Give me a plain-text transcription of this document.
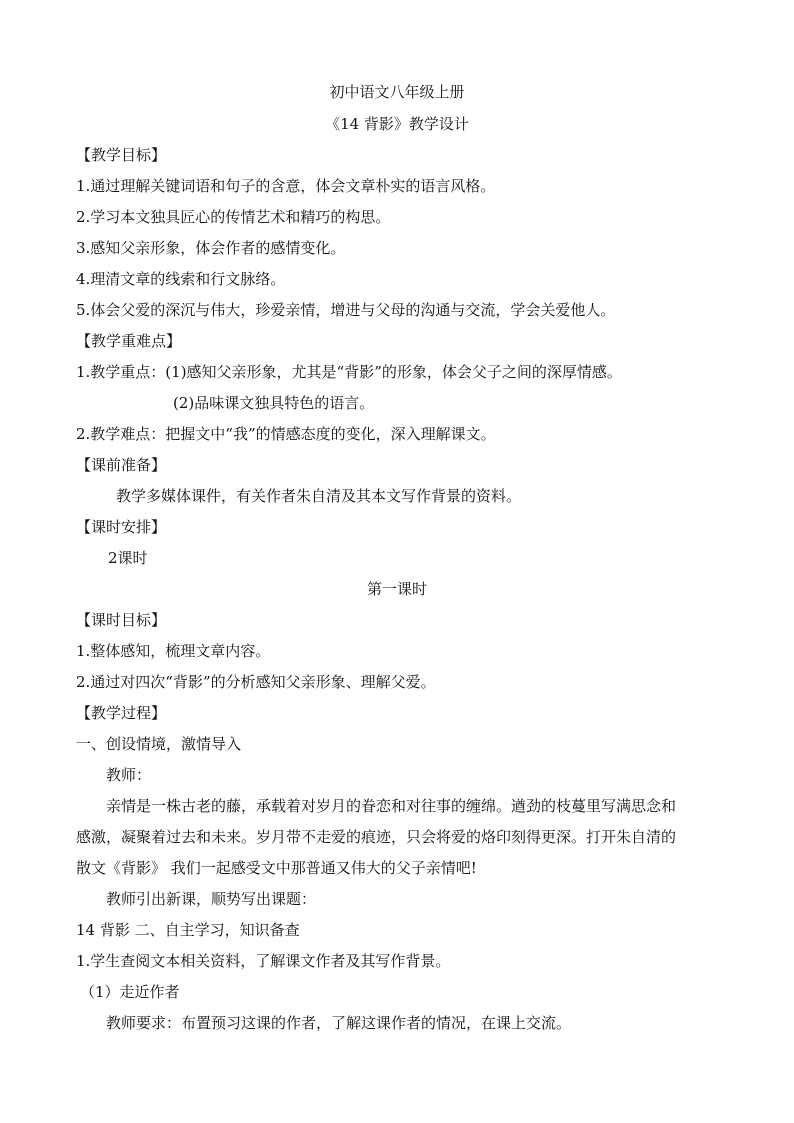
初中语文八年级上册
《14 背影》教学设计
【教学目标】
1.通过理解关键词语和句子的含意，体会文章朴实的语言风格。
2.学习本文独具匠心的传情艺术和精巧的构思。
3.感知父亲形象，体会作者的感情变化。
4.理清文章的线索和行文脉络。
5.体会父爱的深沉与伟大，珍爱亲情，增进与父母的沟通与交流，学会关爱他人。
【教学重难点】
1.教学重点：(1)感知父亲形象，尤其是“背影”的形象，体会父子之间的深厚情感。
(2)品味课文独具特色的语言。
2.教学难点：把握文中“我”的情感态度的变化，深入理解课文。
【课前准备】
教学多媒体课件，有关作者朱自清及其本文写作背景的资料。
【课时安排】
2课时
第一课时
【课时目标】
1.整体感知，梳理文章内容。
2.通过对四次“背影”的分析感知父亲形象、理解父爱。
【教学过程】
一、创设情境，激情导入
教师：
亲情是一株古老的藤，承载着对岁月的眷恋和对往事的缠绵。遒劲的枝蔓里写满思念和
感激，凝聚着过去和未来。岁月带不走爱的痕迹，只会将爱的烙印刻得更深。打开朱自清的
散文《背影》 我们一起感受文中那普通又伟大的父子亲情吧!
教师引出新课，顺势写出课题：
14 背影 二、自主学习，知识备查
1.学生查阅文本相关资料，了解课文作者及其写作背景。
（1）走近作者
教师要求：布置预习这课的作者，了解这课作者的情况，在课上交流。
